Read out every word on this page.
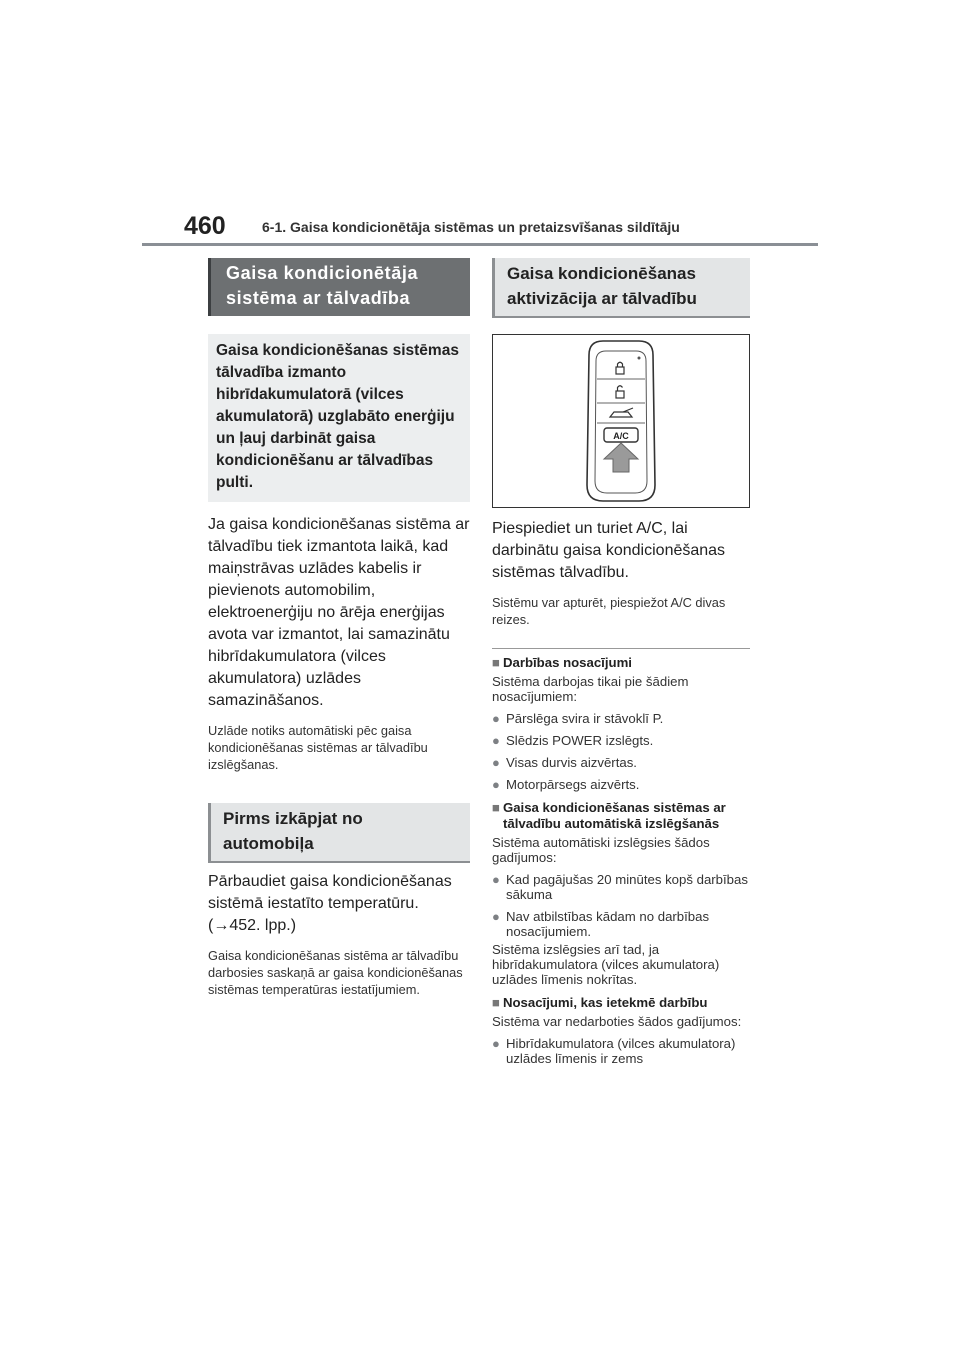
460	6-1. Gaisa kondicionētāja sistēmas un pretaizsvīšanas sildītāju
Gaisa kondicionētāja
sistēma ar tālvadība
Gaisa kondicionēšanas sistēmas tālvadība izmanto hibrīdakumulatorā (vilces akumulatorā) uzglabāto enerģiju un ļauj darbināt gaisa kondicionēšanu ar tālvadības pulti.
Ja gaisa kondicionēšanas sistēma ar tālvadību tiek izmantota laikā, kad maiņstrāvas uzlādes kabelis ir pievienots automobilim, elektroenerģiju no ārēja enerģijas avota var izmantot, lai samazinātu hibrīdakumulatora (vilces akumulatora) uzlādes samazināšanos.
Uzlāde notiks automātiski pēc gaisa kondicionēšanas sistēmas ar tālvadību izslēgšanas.
Pirms izkāpjat no
automobiļa
Pārbaudiet gaisa kondicionēšanas sistēmā iestatīto temperatūru.
(→452. lpp.)
Gaisa kondicionēšanas sistēma ar tālvadību darbosies saskaņā ar gaisa kondicionēšanas sistēmas temperatūras iestatījumiem.
Gaisa kondicionēšanas
aktivizācija ar tālvadību
A/C
Piespiediet un turiet A/C, lai darbinātu gaisa kondicionēšanas sistēmas tālvadību.
Sistēmu var apturēt, piespiežot A/C divas reizes.
■ Darbības nosacījumi
Sistēma darbojas tikai pie šādiem nosacījumiem:
● Pārslēga svira ir stāvoklī P.
● Slēdzis POWER izslēgts.
● Visas durvis aizvērtas.
● Motorpārsegs aizvērts.
■ Gaisa kondicionēšanas sistēmas ar tālvadību automātiskā izslēgšanās
Sistēma automātiski izslēgsies šādos gadījumos:
● Kad pagājušas 20 minūtes kopš darbības sākuma
● Nav atbilstības kādam no darbības nosacījumiem.
Sistēma izslēgsies arī tad, ja hibrīdakumulatora (vilces akumulatora) uzlādes līmenis nokrītas.
■ Nosacījumi, kas ietekmē darbību
Sistēma var nedarboties šādos gadījumos:
● Hibrīdakumulatora (vilces akumulatora) uzlādes līmenis ir zems
